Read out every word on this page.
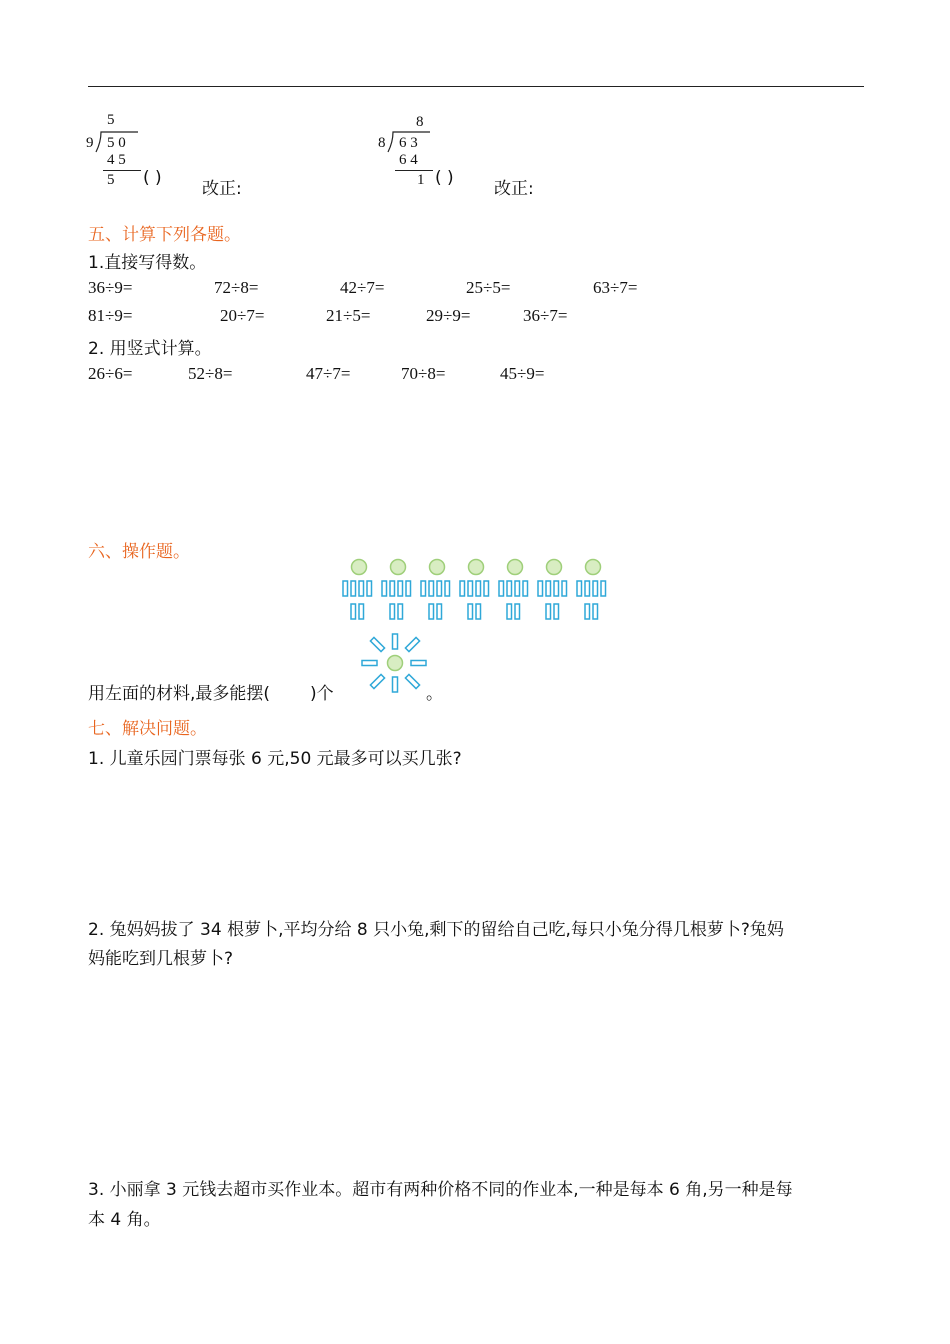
5
9 5 0
4 5
5 ( )
改正:
8
8 6 3
6 4
1 ( )
改正:
五、计算下列各题。
1.直接写得数。
36÷9=	72÷8=	42÷7=	25÷5=	63÷7=
81÷9=	20÷7=	21÷5=	29÷9=	36÷7=
2. 用竖式计算。
26÷6=	52÷8=	47÷7=	70÷8=	45÷9=
六、操作题。
用左面的材料,最多能摆( )个	。
七、解决问题。
1. 儿童乐园门票每张 6 元,50 元最多可以买几张?
2. 兔妈妈拔了 34 根萝卜,平均分给 8 只小兔,剩下的留给自己吃,每只小兔分得几根萝卜?兔妈
妈能吃到几根萝卜?
3. 小丽拿 3 元钱去超市买作业本。超市有两种价格不同的作业本,一种是每本 6 角,另一种是每
本 4 角。
